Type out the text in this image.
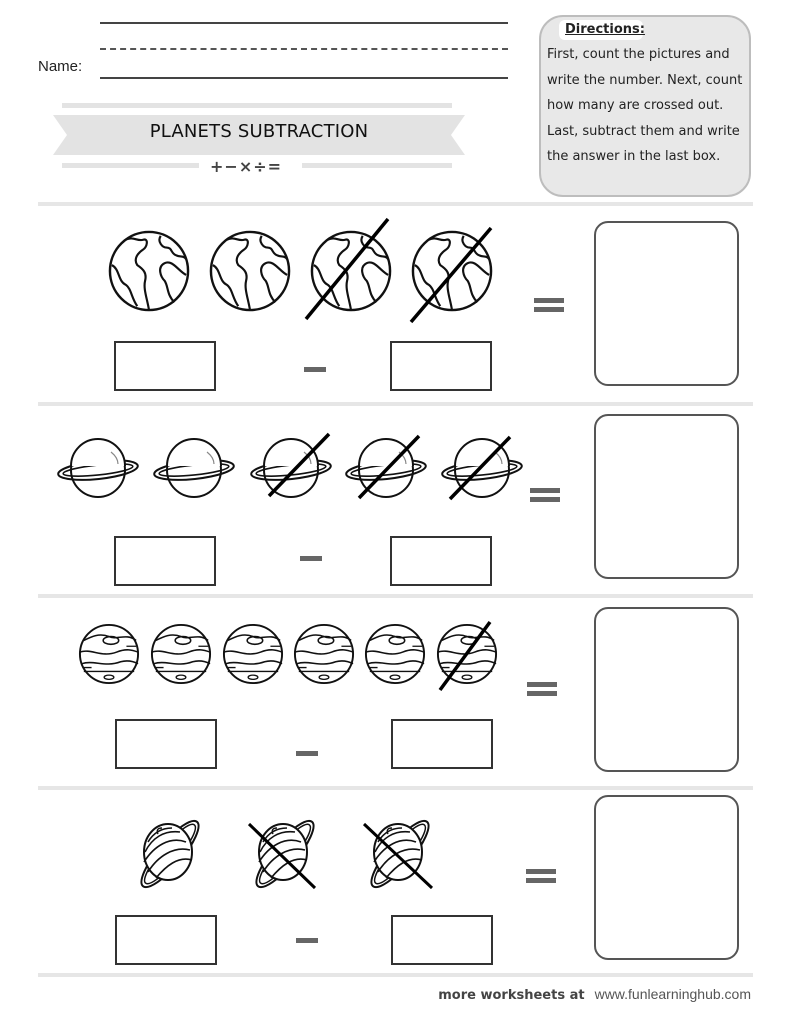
Name:
PLANETS SUBTRACTION
+−×÷=
Directions:
First, count the pictures and write the number. Next, count how many are crossed out. Last, subtract them and write the answer in the last box.
more worksheets at www.funlearninghub.com
